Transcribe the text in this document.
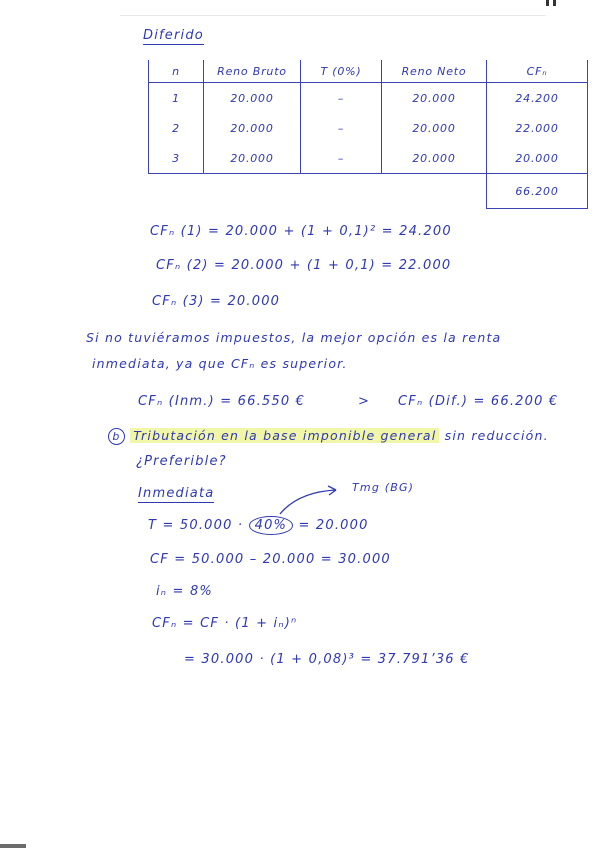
Diferido
n	Reno Bruto	T (0%)	Reno Neto	CFₙ
1	20.000	–	20.000	24.200
2	20.000	–	20.000	22.000
3	20.000	–	20.000	20.000
				66.200
CFₙ (1) = 20.000 + (1 + 0,1)² = 24.200
CFₙ (2) = 20.000 + (1 + 0,1) = 22.000
CFₙ (3) = 20.000
Si no tuviéramos impuestos, la mejor opción es la renta
inmediata, ya que CFₙ es superior.
CFₙ (Inm.) = 66.550 €	> CFₙ (Dif.) = 66.200 €
b Tributación en la base imponible general sin reducción.
¿Preferible?
Inmediata	Tmg (BG)
T = 50.000 · 40% = 20.000
CF = 50.000 – 20.000 = 30.000
iₙ = 8%
CFₙ = CF · (1 + iₙ)ⁿ
= 30.000 · (1 + 0,08)³ = 37.791’36 €
